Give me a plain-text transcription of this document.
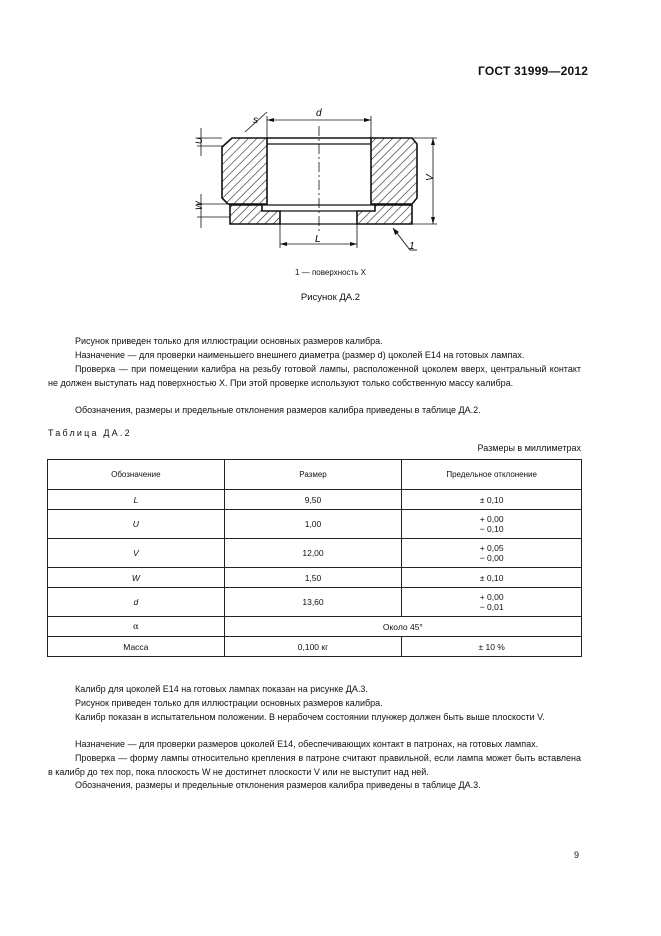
ГОСТ 31999—2012
d
s
U
W
V
L
1
1 — поверхность X
Рисунок ДА.2
Рисунок приведен только для иллюстрации основных размеров калибра.
Назначение — для проверки наименьшего внешнего диаметра (размер d) цоколей E14 на готовых лампах.
Проверка — при помещении калибра на резьбу готовой лампы, расположенной цоколем вверх, центральный контакт не должен выступать над поверхностью X. При этой проверке используют только собственную массу калибра.
Обозначения, размеры и предельные отклонения размеров калибра приведены в таблице ДА.2.
Таблица ДА.2
Размеры в миллиметрах
Обозначение	Размер	Предельное отклонение
L	9,50	± 0,10
U	1,00	+ 0,00
− 0,10

V	12,00	+ 0,05
− 0,00

W	1,50	± 0,10
d	13,60	+ 0,00
− 0,01

α	Около 45°	
Масса	0,100 кг	± 10 %
Калибр для цоколей E14 на готовых лампах показан на рисунке ДА.3.
Рисунок приведен только для иллюстрации основных размеров калибра.
Калибр показан в испытательном положении. В нерабочем состоянии плунжер должен быть выше плоскости V.
Назначение — для проверки размеров цоколей E14, обеспечивающих контакт в патронах, на готовых лампах.
Проверка — форму лампы относительно крепления в патроне считают правильной, если лампа может быть вставлена в калибр до тех пор, пока плоскость W не достигнет плоскости V или не выступит над ней.
Обозначения, размеры и предельные отклонения размеров калибра приведены в таблице ДА.3.
9
